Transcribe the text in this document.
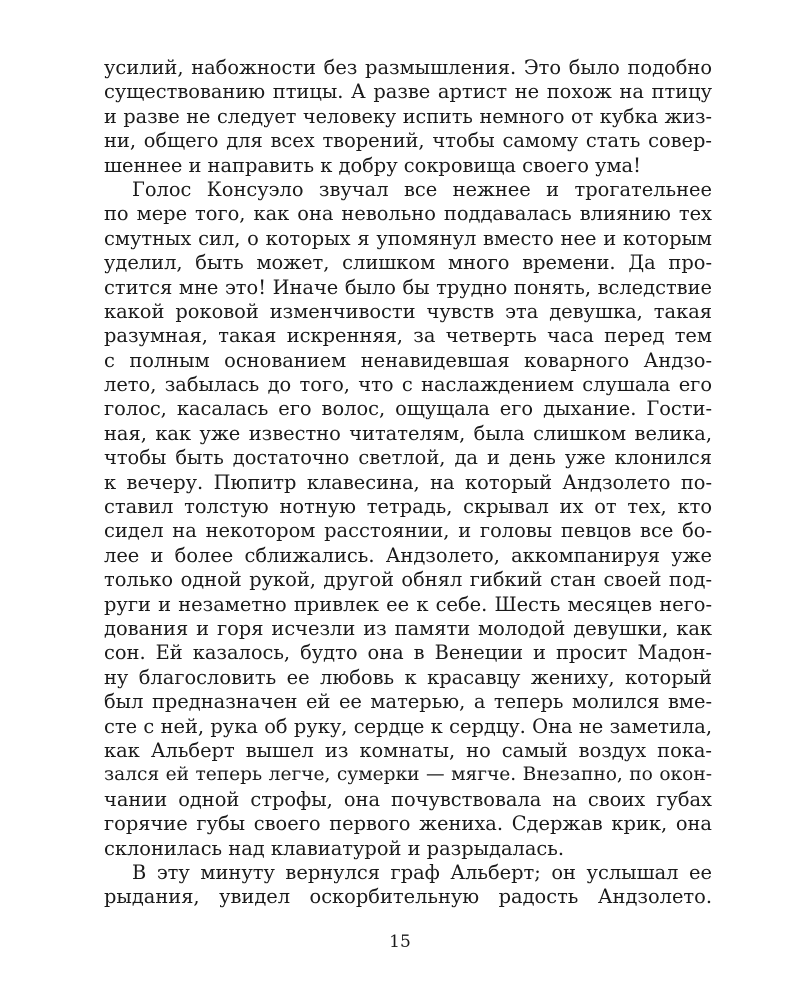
усилий, набожности без размышления. Это было подобно
существованию птицы. А разве артист не похож на птицу
и разве не следует человеку испить немного от кубка жиз-
ни, общего для всех творений, чтобы самому стать совер-
шеннее и направить к добру сокровища своего ума!
Голос Консуэло звучал все нежнее и трогательнее
по мере того, как она невольно поддавалась влиянию тех
смутных сил, о которых я упомянул вместо нее и которым
уделил, быть может, слишком много времени. Да про-
стится мне это! Иначе было бы трудно понять, вследствие
какой роковой изменчивости чувств эта девушка, такая
разумная, такая искренняя, за четверть часа перед тем
с полным основанием ненавидевшая коварного Андзо-
лето, забылась до того, что с наслаждением слушала его
голос, касалась его волос, ощущала его дыхание. Гости-
ная, как уже известно читателям, была слишком велика,
чтобы быть достаточно светлой, да и день уже клонился
к вечеру. Пюпитр клавесина, на который Андзолето по-
ставил толстую нотную тетрадь, скрывал их от тех, кто
сидел на некотором расстоянии, и головы певцов все бо-
лее и более сближались. Андзолето, аккомпанируя уже
только одной рукой, другой обнял гибкий стан своей под-
руги и незаметно привлек ее к себе. Шесть месяцев него-
дования и горя исчезли из памяти молодой девушки, как
сон. Ей казалось, будто она в Венеции и просит Мадон-
ну благословить ее любовь к красавцу жениху, который
был предназначен ей ее матерью, а теперь молился вме-
сте с ней, рука об руку, сердце к сердцу. Она не заметила,
как Альберт вышел из комнаты, но самый воздух пока-
зался ей теперь легче, сумерки — мягче. Внезапно, по окон-
чании одной строфы, она почувствовала на своих губах
горячие губы своего первого жениха. Сдержав крик, она
склонилась над клавиатурой и разрыдалась.
В эту минуту вернулся граф Альберт; он услышал ее
рыдания, увидел оскорбительную радость Андзолето.
15
